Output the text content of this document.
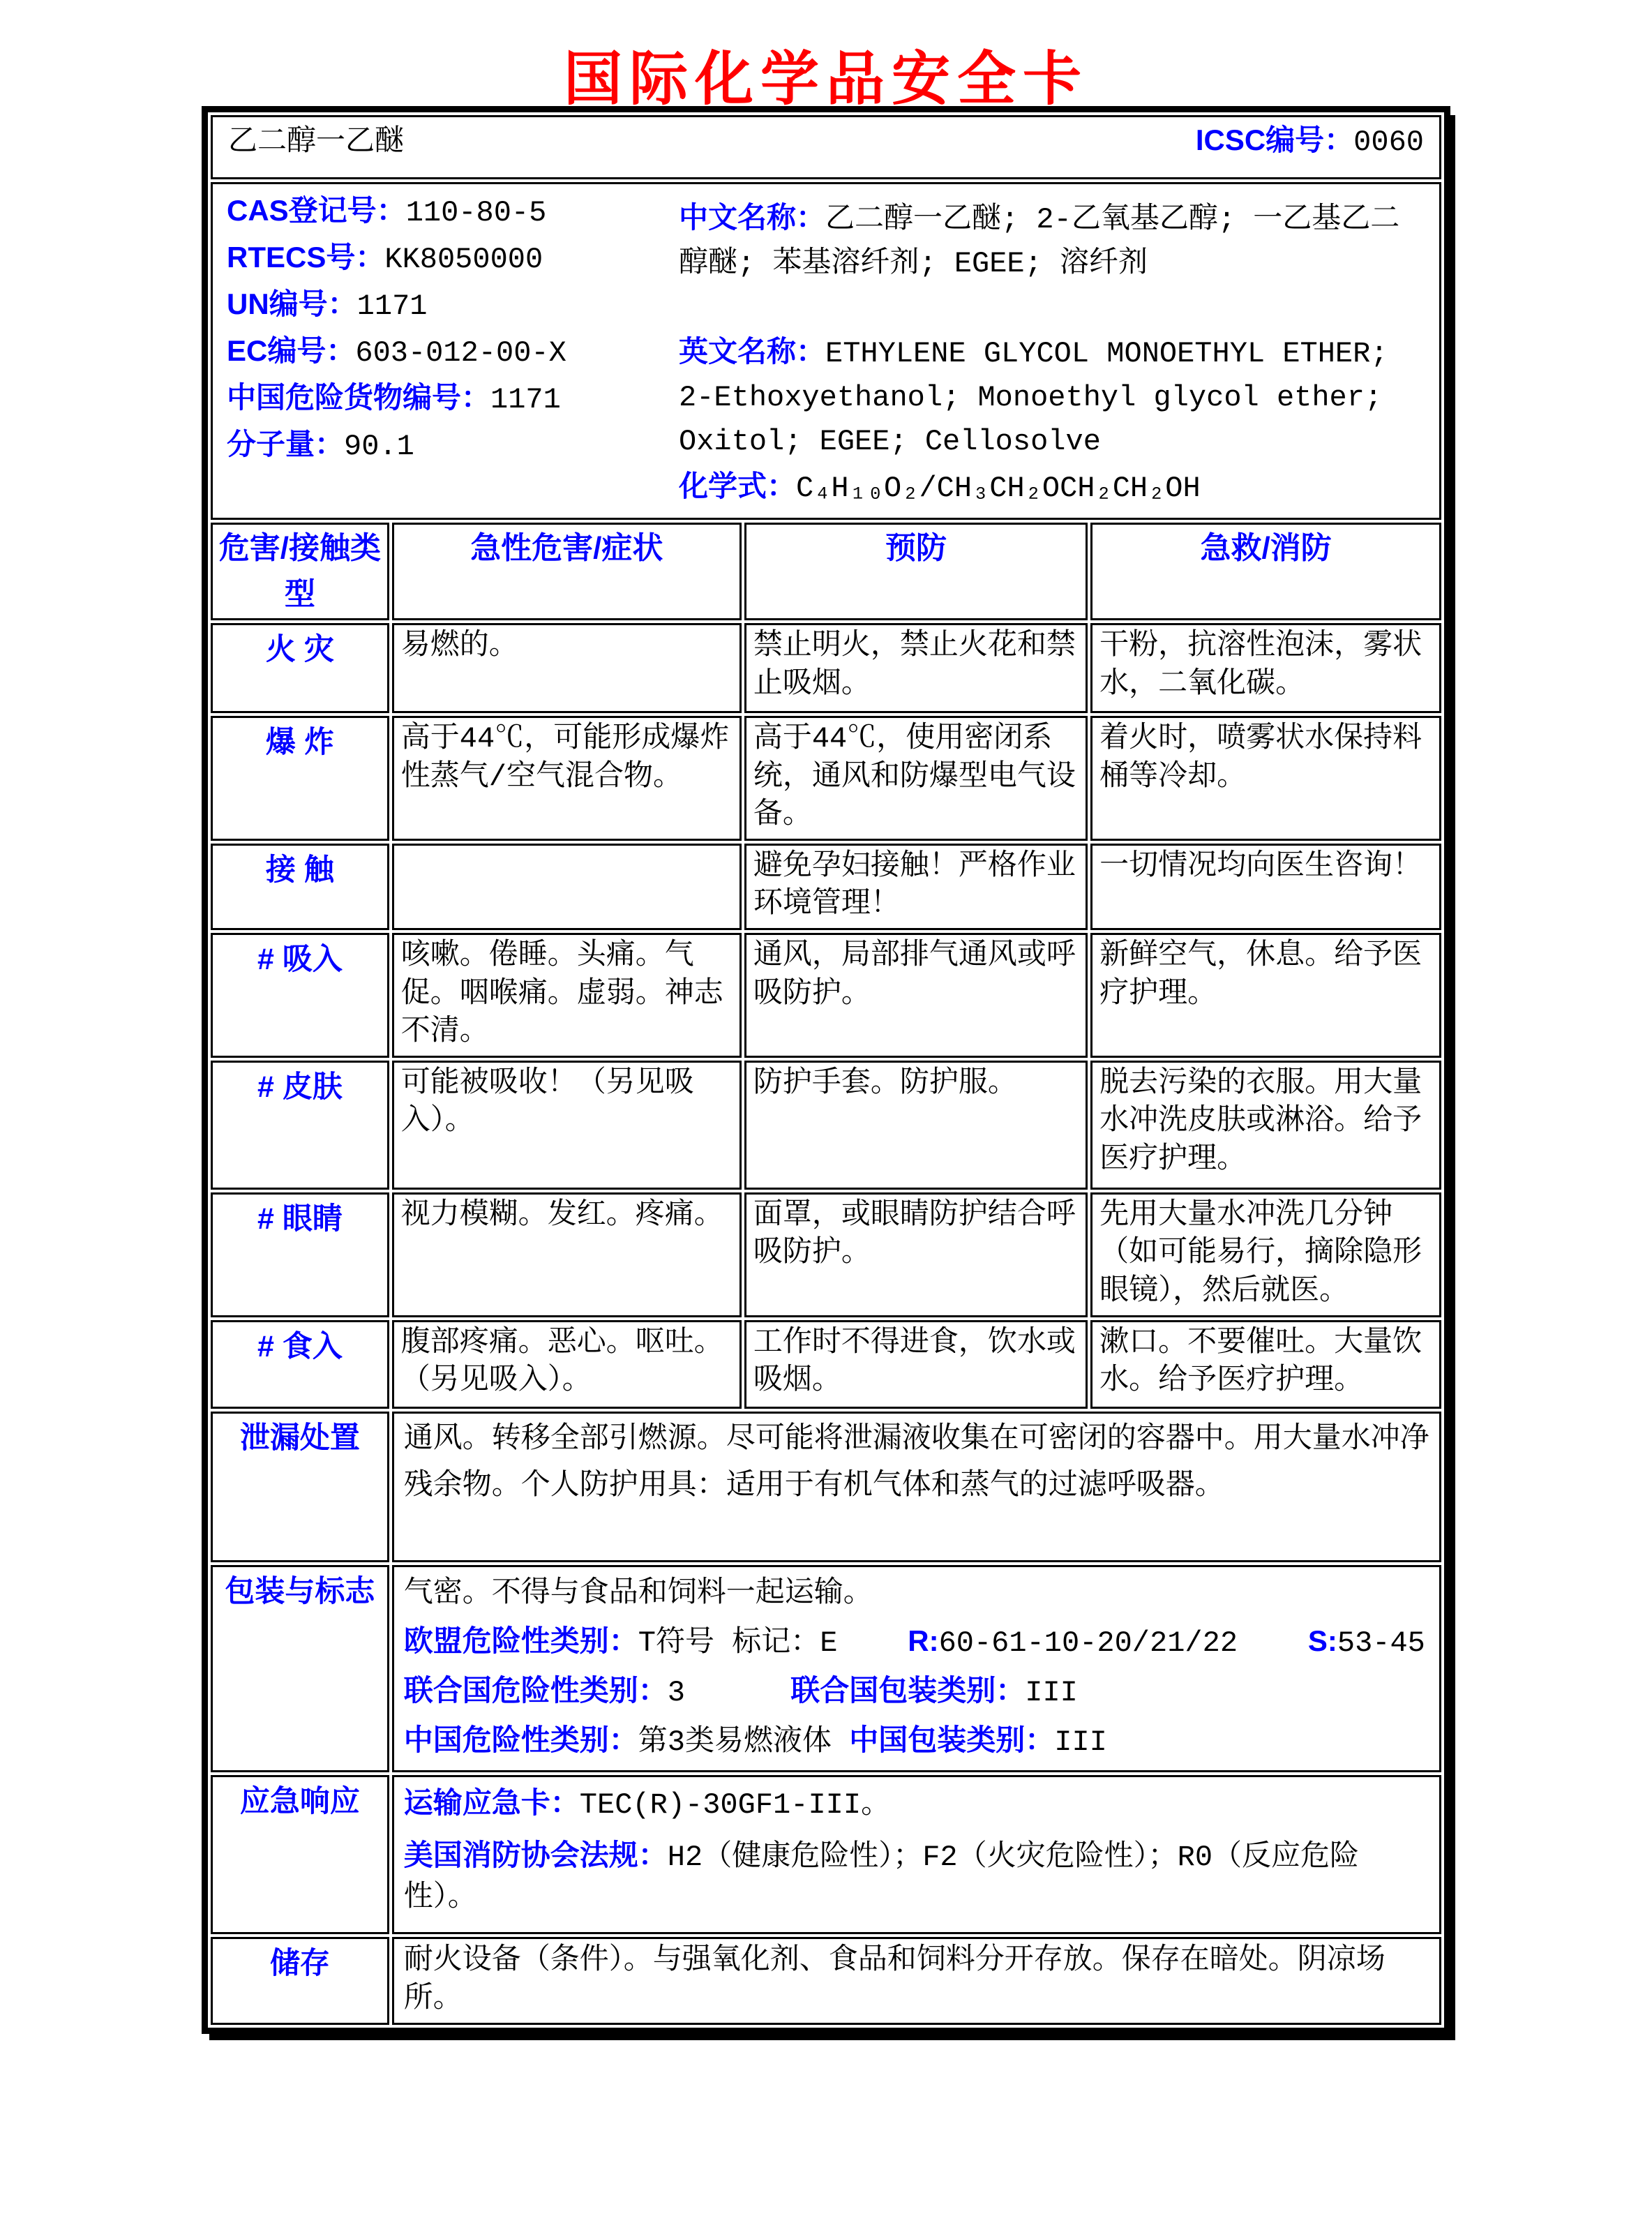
国际化学品安全卡
乙二醇一乙醚 ICSC编号：0060			

CAS登记号：110-80-5
RTECS号：KK8050000
UN编号：1171
EC编号：603-012-00-X
中国危险货物编号：1171
分子量：90.1

中文名称：乙二醇一乙醚; 2-乙氧基乙醇; 一乙基乙二醇醚; 苯基溶纤剂; EGEE; 溶纤剂

英文名称：ETHYLENE GLYCOL MONOETHYL ETHER; 2-Ethoxyethanol; Monoethyl glycol ether; Oxitol; EGEE; Cellosolve

化学式：C₄H₁₀O₂/CH₃CH₂OCH₂CH₂OH

危害/接触类型	急性危害/症状	预防	急救/消防
火 灾	易燃的。	禁止明火，禁止火花和禁止吸烟。	干粉，抗溶性泡沫，雾状水，二氧化碳。
爆 炸	高于44℃，可能形成爆炸性蒸气/空气混合物。	高于44℃，使用密闭系统，通风和防爆型电气设备。	着火时，喷雾状水保持料桶等冷却。
接 触		避免孕妇接触！严格作业环境管理！	一切情况均向医生咨询！
# 吸入	咳嗽。倦睡。头痛。气促。咽喉痛。虚弱。神志不清。	通风，局部排气通风或呼吸防护。	新鲜空气，休息。给予医疗护理。
# 皮肤	可能被吸收！（另见吸入）。	防护手套。防护服。	脱去污染的衣服。用大量水冲洗皮肤或淋浴。给予医疗护理。
# 眼睛	视力模糊。发红。疼痛。	面罩，或眼睛防护结合呼吸防护。	先用大量水冲洗几分钟（如可能易行，摘除隐形眼镜），然后就医。
# 食入	腹部疼痛。恶心。呕吐。（另见吸入）。	工作时不得进食，饮水或吸烟。	漱口。不要催吐。大量饮水。给予医疗护理。
泄漏处置	通风。转移全部引燃源。尽可能将泄漏液收集在可密闭的容器中。用大量水冲净残余物。个人防护用具：适用于有机气体和蒸气的过滤呼吸器。		

包装与标志	气密。不得与食品和饲料一起运输。
欧盟危险性类别：T符号 标记：E    R:60-61-10-20/21/22    S:53-45
联合国危险性类别：3      联合国包装类别：III
中国危险性类别：第3类易燃液体 中国包装类别：III		

应急响应	运输应急卡：TEC(R)-30GF1-III。
美国消防协会法规：H2（健康危险性）；F2（火灾危险性）；R0（反应危险性）。		

储存	耐火设备（条件）。与强氧化剂、食品和饲料分开存放。保存在暗处。阴凉场所。		
